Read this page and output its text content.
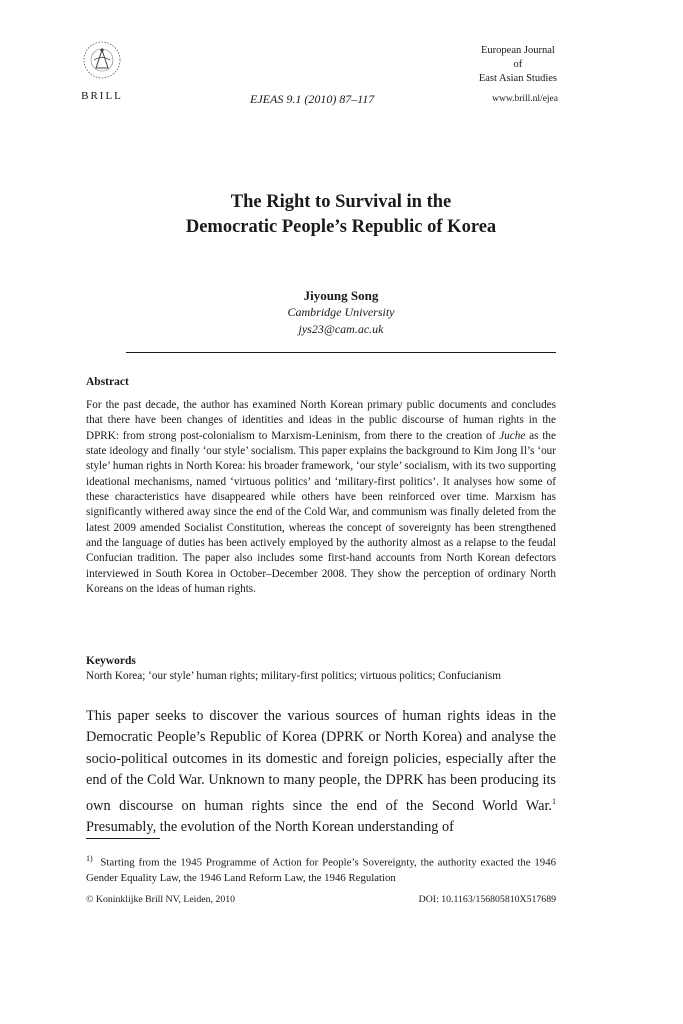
BRILL
European Journal
of
East Asian Studies
EJEAS 9.1 (2010) 87–117	www.brill.nl/ejea
The Right to Survival in the
Democratic People’s Republic of Korea
Jiyoung Song
Cambridge University
jys23@cam.ac.uk
Abstract
For the past decade, the author has examined North Korean primary public documents and concludes that there have been changes of identities and ideas in the public discourse of human rights in the DPRK: from strong post-colonialism to Marxism-Leninism, from there to the creation of Juche as the state ideology and finally ‘our style’ socialism. This paper explains the background to Kim Jong Il’s ‘our style’ human rights in North Korea: his broader framework, ‘our style’ socialism, with its two supporting ideational mechanisms, named ‘virtuous politics’ and ‘military-first politics’. It analyses how some of these characteristics have disappeared while others have been reinforced over time. Marxism has significantly withered away since the end of the Cold War, and communism was finally deleted from the latest 2009 amended Socialist Constitution, whereas the concept of sovereignty has been strengthened and the language of duties has been actively employed by the authority almost as a relapse to the feudal Confucian tradition. The paper also includes some first-hand accounts from North Korean defectors interviewed in South Korea in October–December 2008. They show the perception of ordinary North Koreans on the ideas of human rights.
Keywords
North Korea; ‘our style’ human rights; military-first politics; virtuous politics; Confucianism
This paper seeks to discover the various sources of human rights ideas in the Democratic People’s Republic of Korea (DPRK or North Korea) and analyse the socio-political outcomes in its domestic and foreign policies, especially after the end of the Cold War. Unknown to many people, the DPRK has been producing its own discourse on human rights since the end of the Second World War.$^1$ Presumably, the evolution of the North Korean understanding of
$^{1)}$ Starting from the 1945 Programme of Action for People’s Sovereignty, the authority exacted the 1946 Gender Equality Law, the 1946 Land Reform Law, the 1946 Regulation
© Koninklijke Brill NV, Leiden, 2010	DOI: 10.1163/156805810X517689
